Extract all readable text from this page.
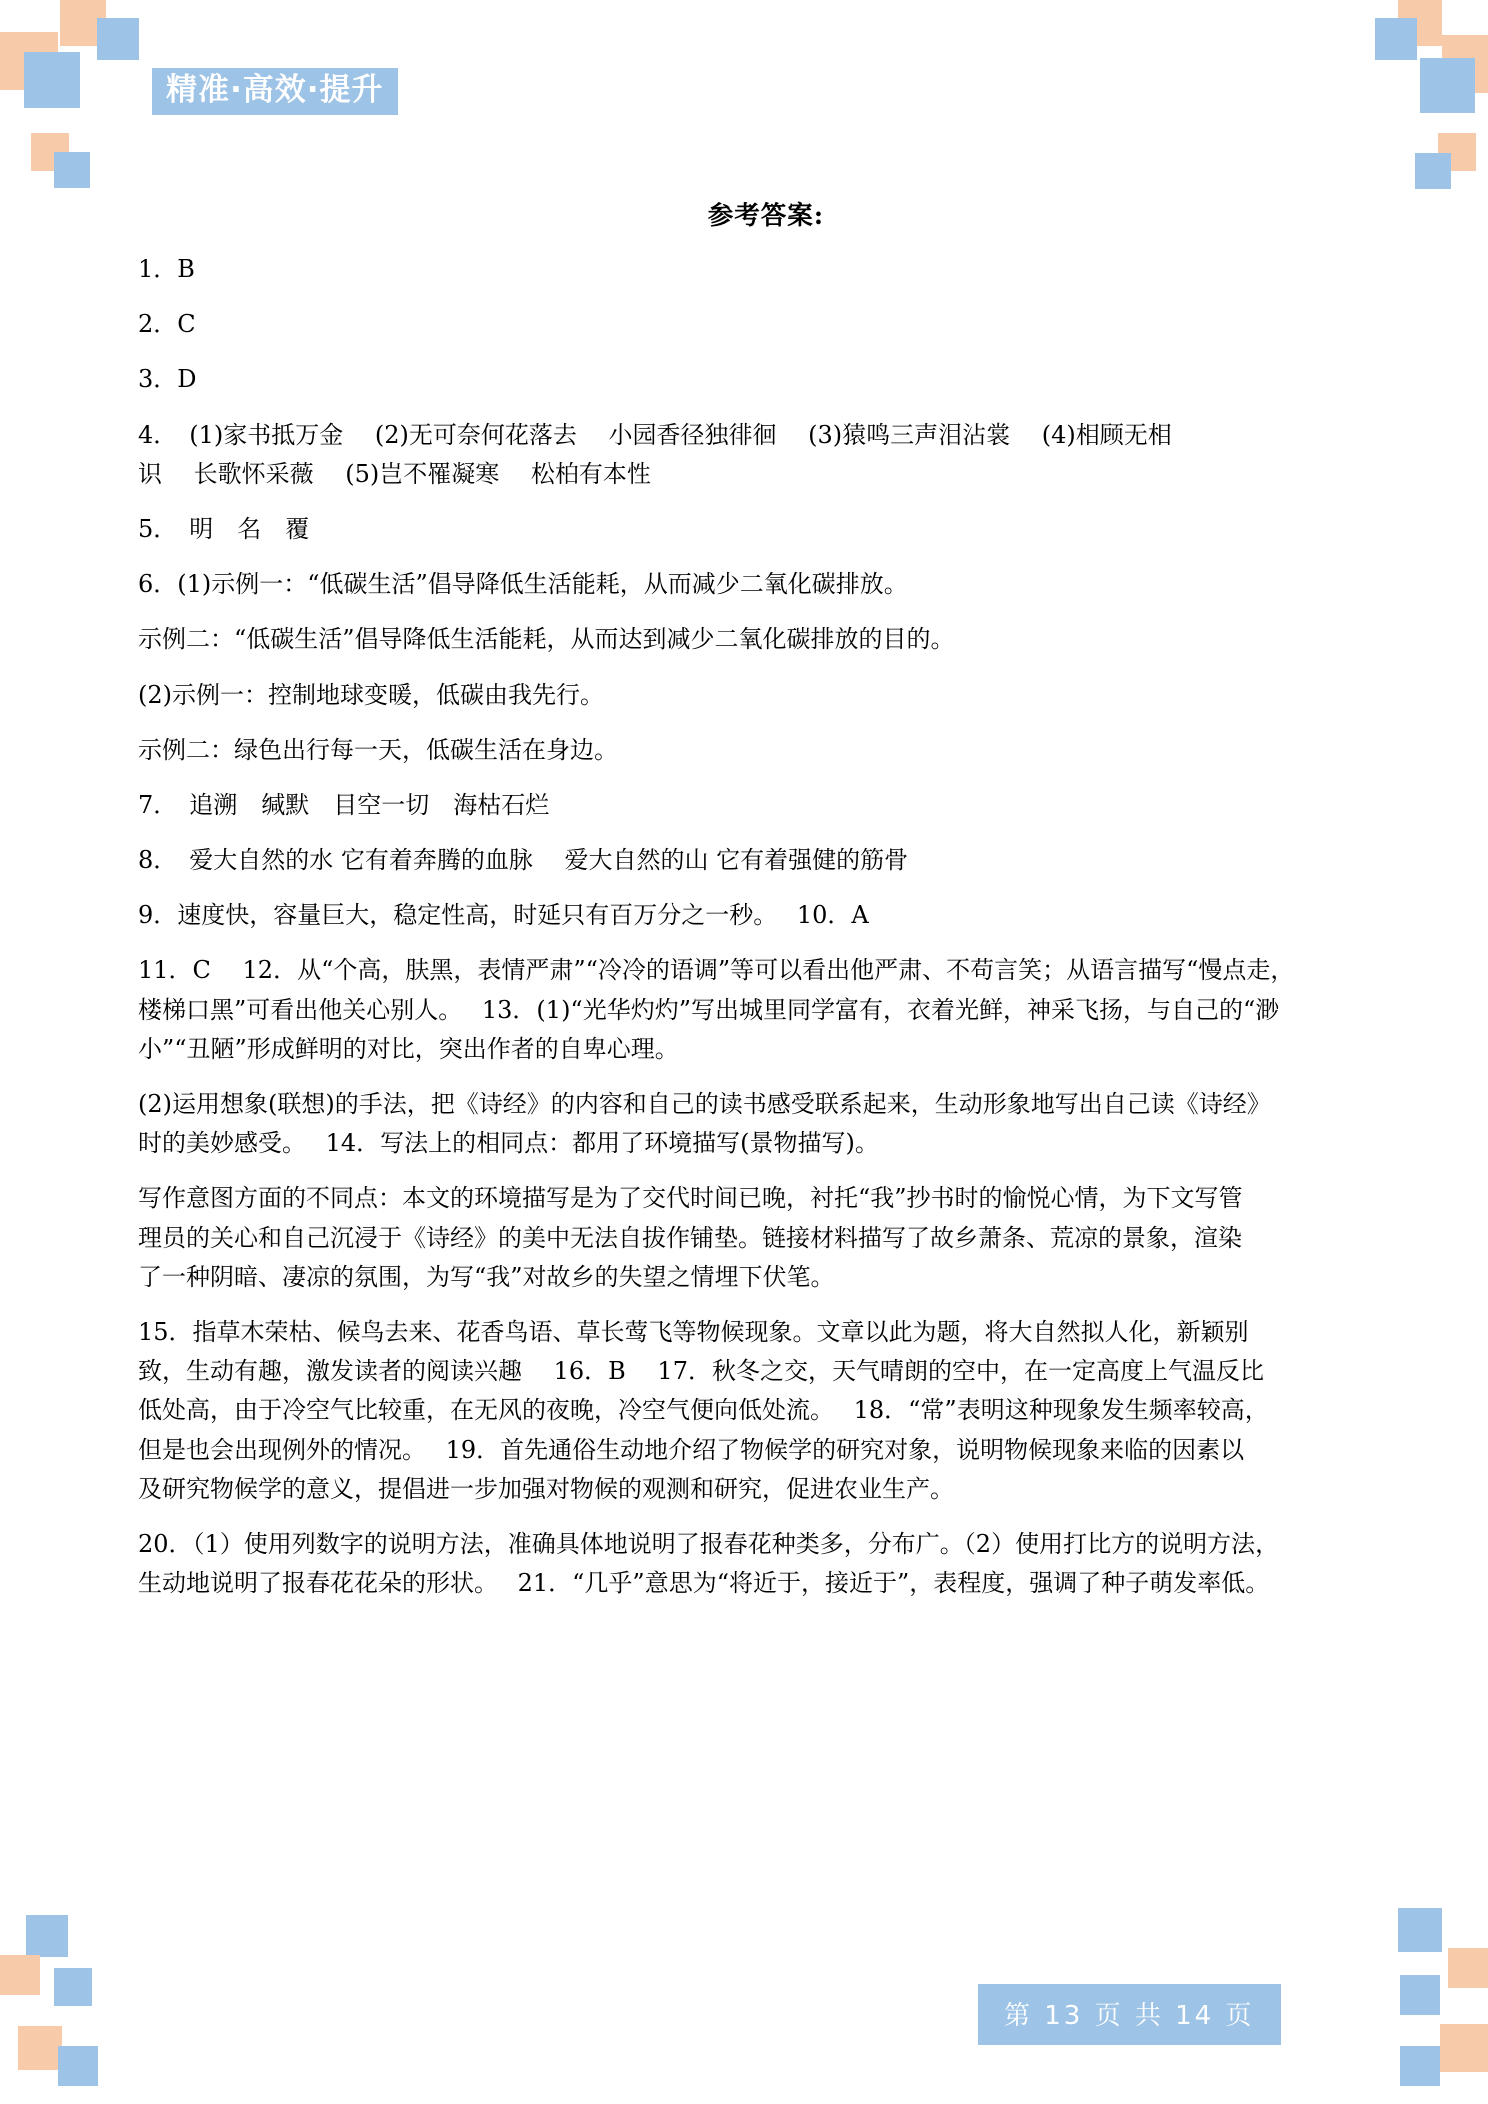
精准·高效·提升
参考答案:
1．B
2．C
3．D
4．　(1)家书抵万金　 (2)无可奈何花落去　 小园香径独徘徊　 (3)猿鸣三声泪沾裳　 (4)相顾无相
识　 长歌怀采薇　 (5)岂不罹凝寒　 松柏有本性
5．　明　名　覆
6．(1)示例一：“低碳生活”倡导降低生活能耗，从而减少二氧化碳排放。
示例二：“低碳生活”倡导降低生活能耗，从而达到减少二氧化碳排放的目的。
(2)示例一：控制地球变暖，低碳由我先行。
示例二：绿色出行每一天，低碳生活在身边。
7．　追溯　缄默　目空一切　海枯石烂
8．　爱大自然的水 它有着奔腾的血脉　 爱大自然的山 它有着强健的筋骨
9．速度快，容量巨大，稳定性高，时延只有百万分之一秒。　 10．A
11．C　 12．从“个高，肤黑，表情严肃”“冷冷的语调”等可以看出他严肃、不苟言笑；从语言描写“慢点走，
楼梯口黑”可看出他关心别人。　 13．(1)“光华灼灼”写出城里同学富有，衣着光鲜，神采飞扬，与自己的“渺
小”“丑陋”形成鲜明的对比，突出作者的自卑心理。
(2)运用想象(联想)的手法，把《诗经》的内容和自己的读书感受联系起来，生动形象地写出自己读《诗经》
时的美妙感受。　 14．写法上的相同点：都用了环境描写(景物描写)。
写作意图方面的不同点：本文的环境描写是为了交代时间已晚，衬托“我”抄书时的愉悦心情，为下文写管
理员的关心和自己沉浸于《诗经》的美中无法自拔作铺垫。链接材料描写了故乡萧条、荒凉的景象，渲染
了一种阴暗、凄凉的氛围，为写“我”对故乡的失望之情埋下伏笔。
15．指草木荣枯、候鸟去来、花香鸟语、草长莺飞等物候现象。文章以此为题，将大自然拟人化，新颖别
致，生动有趣，激发读者的阅读兴趣　 16．B　 17．秋冬之交，天气晴朗的空中，在一定高度上气温反比
低处高，由于冷空气比较重，在无风的夜晚，冷空气便向低处流。　 18．“常”表明这种现象发生频率较高，
但是也会出现例外的情况。　 19．首先通俗生动地介绍了物候学的研究对象，说明物候现象来临的因素以
及研究物候学的意义，提倡进一步加强对物候的观测和研究，促进农业生产。
20．（1）使用列数字的说明方法，准确具体地说明了报春花种类多，分布广。（2）使用打比方的说明方法，
生动地说明了报春花花朵的形状。　 21．“几乎”意思为“将近于，接近于”，表程度，强调了种子萌发率低。
第 13 页 共 14 页
